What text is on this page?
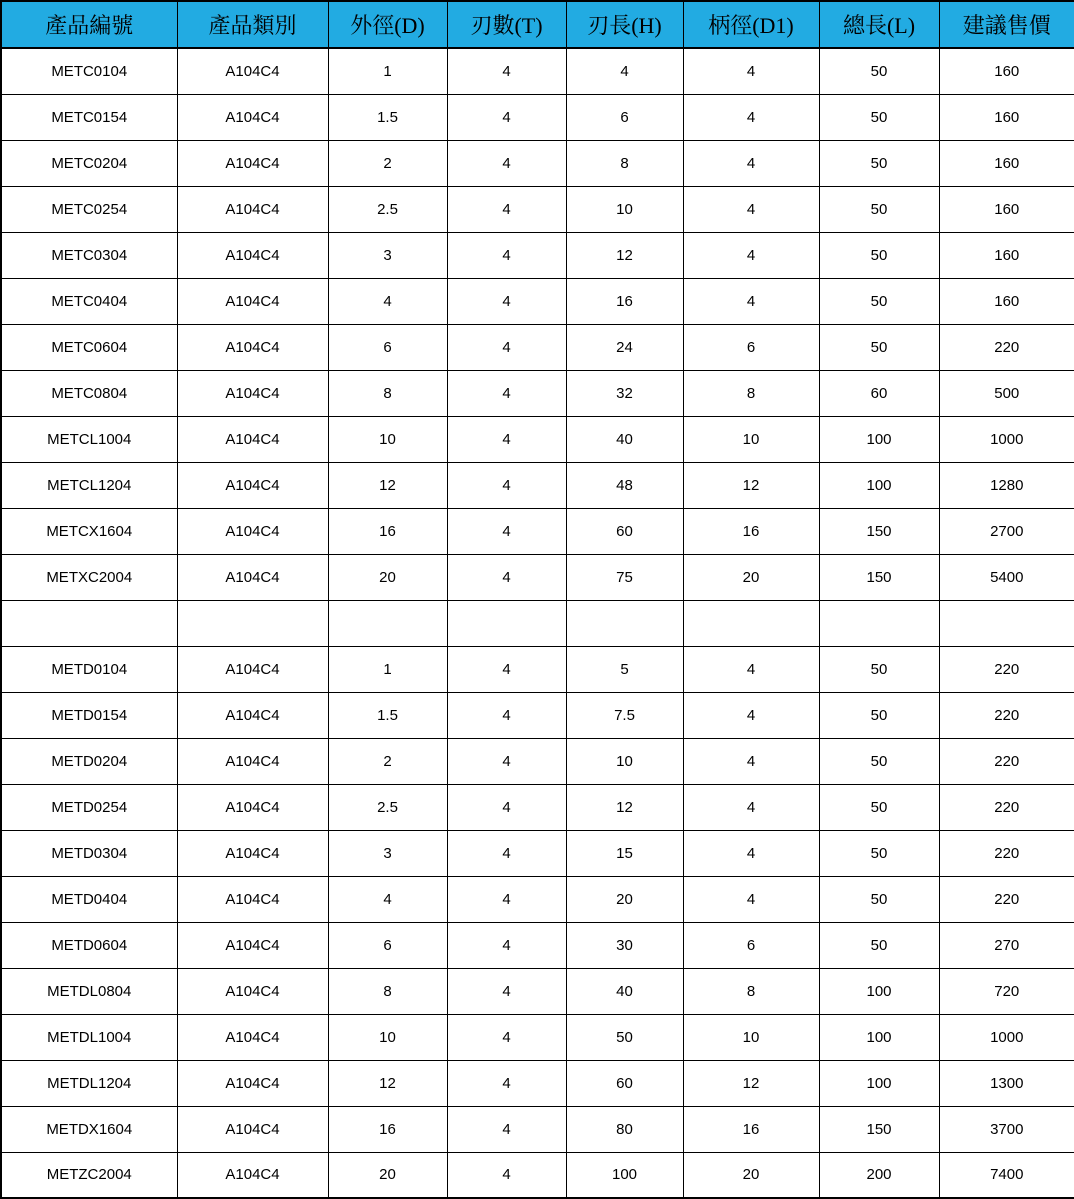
產品編號	產品類別	外徑(D)	刃數(T)	刃長(H)	柄徑(D1)	總長(L)	建議售價
METC0104	A104C4	1	4	4	4	50	160
METC0154	A104C4	1.5	4	6	4	50	160
METC0204	A104C4	2	4	8	4	50	160
METC0254	A104C4	2.5	4	10	4	50	160
METC0304	A104C4	3	4	12	4	50	160
METC0404	A104C4	4	4	16	4	50	160
METC0604	A104C4	6	4	24	6	50	220
METC0804	A104C4	8	4	32	8	60	500
METCL1004	A104C4	10	4	40	10	100	1000
METCL1204	A104C4	12	4	48	12	100	1280
METCX1604	A104C4	16	4	60	16	150	2700
METXC2004	A104C4	20	4	75	20	150	5400

METD0104	A104C4	1	4	5	4	50	220
METD0154	A104C4	1.5	4	7.5	4	50	220
METD0204	A104C4	2	4	10	4	50	220
METD0254	A104C4	2.5	4	12	4	50	220
METD0304	A104C4	3	4	15	4	50	220
METD0404	A104C4	4	4	20	4	50	220
METD0604	A104C4	6	4	30	6	50	270
METDL0804	A104C4	8	4	40	8	100	720
METDL1004	A104C4	10	4	50	10	100	1000
METDL1204	A104C4	12	4	60	12	100	1300
METDX1604	A104C4	16	4	80	16	150	3700
METZC2004	A104C4	20	4	100	20	200	7400
